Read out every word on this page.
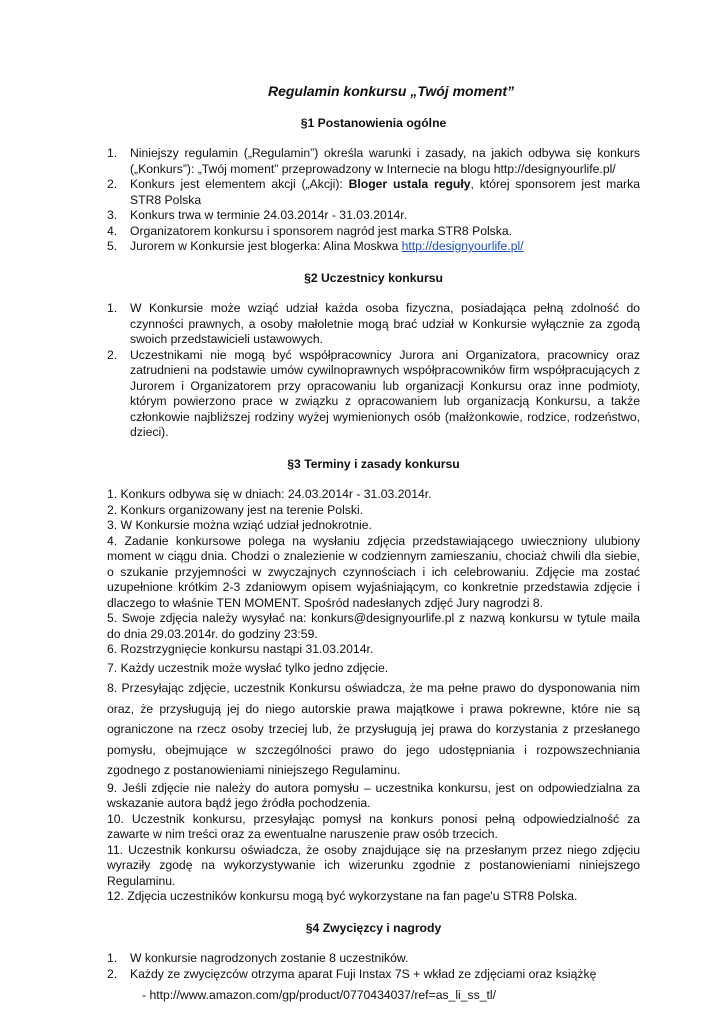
Regulamin konkursu „Twój moment”
§1 Postanowienia ogólne
1. Niniejszy regulamin („Regulamin”) określa warunki i zasady, na jakich odbywa się konkurs („Konkurs”): „Twój moment” przeprowadzony w Internecie na blogu http://designyourlife.pl/
2. Konkurs jest elementem akcji („Akcji): Bloger ustala reguły, której sponsorem jest marka STR8 Polska
3. Konkurs trwa w terminie 24.03.2014r - 31.03.2014r.
4. Organizatorem konkursu i sponsorem nagród jest marka STR8 Polska.
5. Jurorem w Konkursie jest blogerka: Alina Moskwa http://designyourlife.pl/
§2 Uczestnicy konkursu
1. W Konkursie może wziąć udział każda osoba fizyczna, posiadająca pełną zdolność do czynności prawnych, a osoby małoletnie mogą brać udział w Konkursie wyłącznie za zgodą swoich przedstawicieli ustawowych.
2. Uczestnikami nie mogą być współpracownicy Jurora ani Organizatora, pracownicy oraz zatrudnieni na podstawie umów cywilnoprawnych współpracowników firm współpracujących z Jurorem i Organizatorem przy opracowaniu lub organizacji Konkursu oraz inne podmioty, którym powierzono prace w związku z opracowaniem lub organizacją Konkursu, a także członkowie najbliższej rodziny wyżej wymienionych osób (małżonkowie, rodzice, rodzeństwo, dzieci).
§3 Terminy i zasady konkursu

1. Konkurs odbywa się w dniach: 24.03.2014r - 31.03.2014r.

2. Konkurs organizowany jest na terenie Polski.

3. W Konkursie można wziąć udział jednokrotnie.

4. Zadanie konkursowe polega na wysłaniu zdjęcia przedstawiającego uwieczniony ulubiony moment w ciągu dnia. Chodzi o znalezienie w codziennym zamieszaniu, chociaż chwili dla siebie, o szukanie przyjemności w zwyczajnych czynnościach i ich celebrowaniu. Zdjęcie ma zostać uzupełnione krótkim 2-3 zdaniowym opisem wyjaśniającym, co konkretnie przedstawia zdjęcie i dlaczego to właśnie TEN MOMENT. Spośród nadesłanych zdjęć Jury nagrodzi 8.

5. Swoje zdjęcia należy wysyłać na: konkurs@designyourlife.pl z nazwą konkursu w tytule maila do dnia 29.03.2014r. do godziny 23:59.

6. Rozstrzygnięcie konkursu nastąpi 31.03.2014r.

7. Każdy uczestnik może wysłać tylko jedno zdjęcie.

8. Przesyłając zdjęcie, uczestnik Konkursu oświadcza, że ma pełne prawo do dysponowania nim oraz, że przysługują jej do niego autorskie prawa majątkowe i prawa pokrewne, które nie są ograniczone na rzecz osoby trzeciej lub, że przysługują jej prawa do korzystania z przesłanego pomysłu, obejmujące w szczególności prawo do jego udostępniania i rozpowszechniania zgodnego z postanowieniami niniejszego Regulaminu.

9. Jeśli zdjęcie nie należy do autora pomysłu – uczestnika konkursu, jest on odpowiedzialna za wskazanie autora bądź jego źródła pochodzenia.

10. Uczestnik konkursu, przesyłając pomysł na konkurs ponosi pełną odpowiedzialność za zawarte w nim treści oraz za ewentualne naruszenie praw osób trzecich.

11. Uczestnik konkursu oświadcza, że osoby znajdujące się na przesłanym przez niego zdjęciu wyraziły zgodę na wykorzystywanie ich wizerunku zgodnie z postanowieniami niniejszego Regulaminu.

12. Zdjęcia uczestników konkursu mogą być wykorzystane na fan page'u STR8 Polska.

§4 Zwycięzcy i nagrody
1. W konkursie nagrodzonych zostanie 8 uczestników.
2. Każdy ze zwycięzców otrzyma aparat Fuji Instax 7S + wkład ze zdjęciami oraz książkę
- http://www.amazon.com/gp/product/0770434037/ref=as_li_ss_tl/
